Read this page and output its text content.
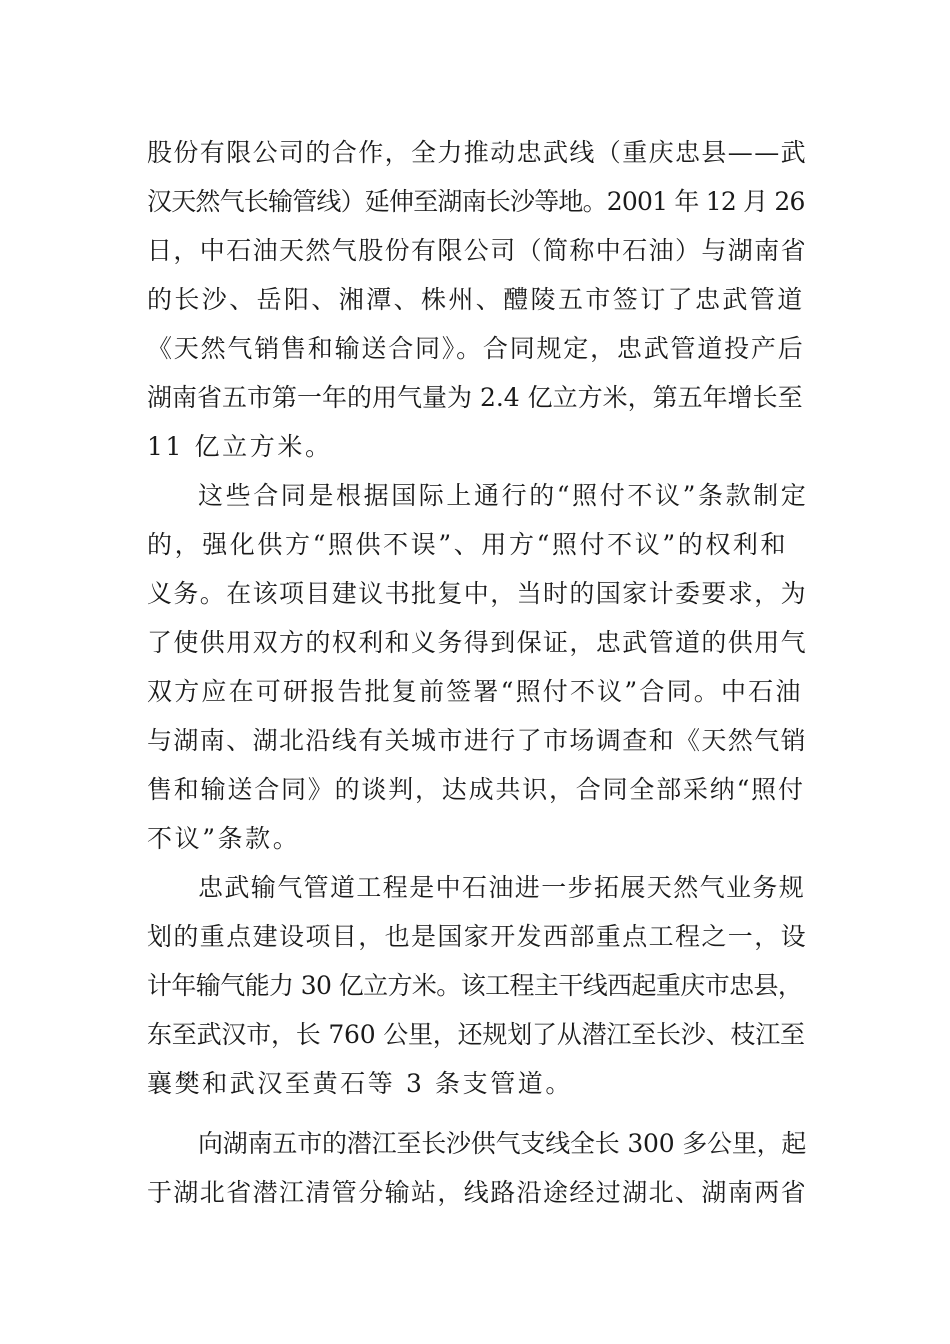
股份有限公司的合作，全力推动忠武线（重庆忠县——武
汉天然气长输管线）延伸至湖南长沙等地。2001 年 12 月 26
日，中石油天然气股份有限公司（简称中石油）与湖南省
的长沙、岳阳、湘潭、株州、醴陵五市签订了忠武管道
《天然气销售和输送合同》。合同规定，忠武管道投产后
湖南省五市第一年的用气量为 2.4 亿立方米，第五年增长至
11 亿立方米。
这些合同是根据国际上通行的“照付不议”条款制定
的，强化供方“照供不误”、用方“照付不议”的权利和
义务。在该项目建议书批复中，当时的国家计委要求，为
了使供用双方的权利和义务得到保证，忠武管道的供用气
双方应在可研报告批复前签署“照付不议”合同。中石油
与湖南、湖北沿线有关城市进行了市场调查和《天然气销
售和输送合同》的谈判，达成共识，合同全部采纳“照付
不议”条款。
忠武输气管道工程是中石油进一步拓展天然气业务规
划的重点建设项目，也是国家开发西部重点工程之一，设
计年输气能力 30 亿立方米。该工程主干线西起重庆市忠县，
东至武汉市，长 760 公里，还规划了从潜江至长沙、枝江至
襄樊和武汉至黄石等 3 条支管道。
向湖南五市的潜江至长沙供气支线全长 300 多公里，起
于湖北省潜江清管分输站，线路沿途经过湖北、湖南两省
